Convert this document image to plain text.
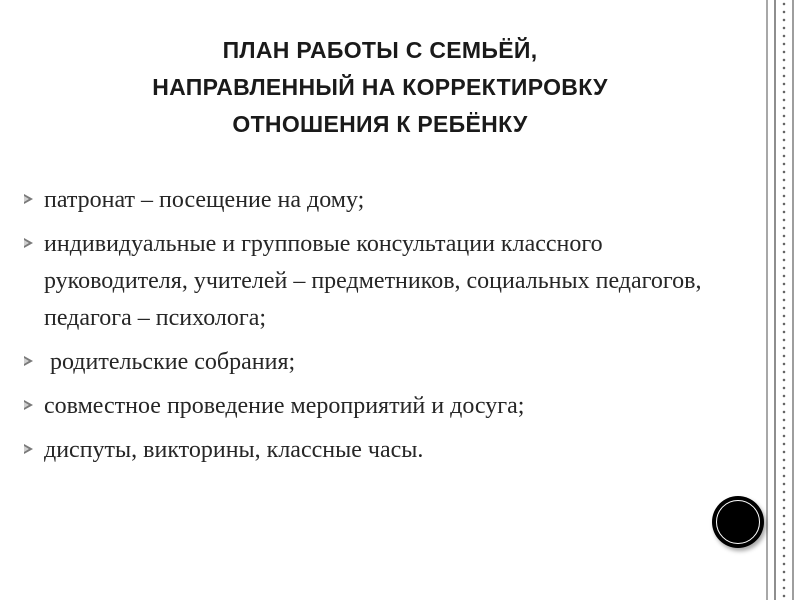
ПЛАН РАБОТЫ С СЕМЬЁЙ,
НАПРАВЛЕННЫЙ НА КОРРЕКТИРОВКУ
ОТНОШЕНИЯ К РЕБЁНКУ
патронат – посещение на дому;
индивидуальные и групповые консультации классного руководителя, учителей – предметников, социальных педагогов, педагога – психолога;
родительские собрания;
совместное проведение мероприятий и досуга;
диспуты, викторины, классные часы.
